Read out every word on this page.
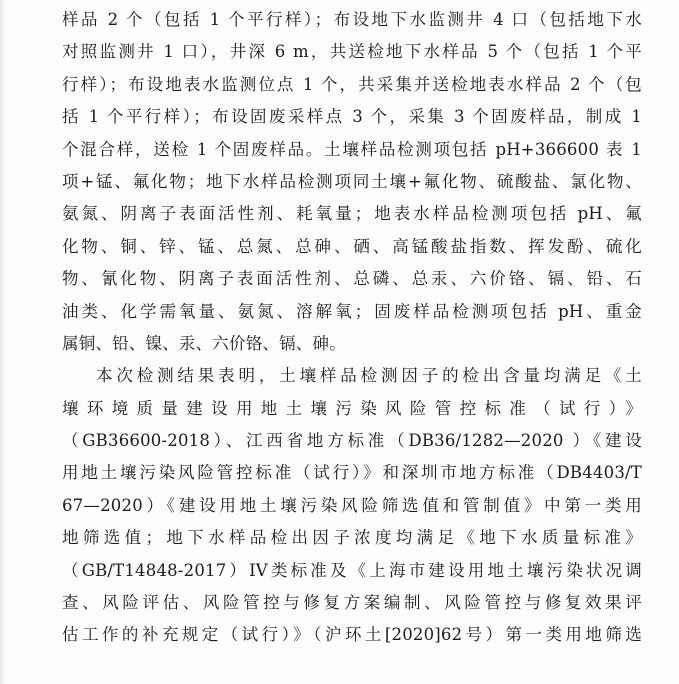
样品 2 个（包括 1 个平行样）；布设地下水监测井 4 口（包括地下水
对照监测井 1 口），井深 6 m，共送检地下水样品 5 个（包括 1 个平
行样）；布设地表水监测位点 1 个，共采集并送检地表水样品 2 个（包
括 1 个平行样）；布设固废采样点 3 个，采集 3 个固废样品，制成 1
个混合样，送检 1 个固废样品。土壤样品检测项包括 pH+366600 表 1
项+锰、氟化物；地下水样品检测项同土壤+氟化物、硫酸盐、氯化物、
氨氮、阴离子表面活性剂、耗氧量；地表水样品检测项包括 pH、氟
化物、铜、锌、锰、总氮、总砷、硒、高锰酸盐指数、挥发酚、硫化
物、氰化物、阴离子表面活性剂、总磷、总汞、六价铬、镉、铅、石
油类、化学需氧量、氨氮、溶解氧；固废样品检测项包括 pH、重金
属铜、铅、镍、汞、六价铬、镉、砷。
本次检测结果表明，土壤样品检测因子的检出含量均满足《土
壤环境质量建设用地土壤污染风险管控标准（试行）》
（GB36600-2018）、江西省地方标准（DB36/1282—2020 ）《建设
用地土壤污染风险管控标准（试行）》和深圳市地方标准（DB4403/T
67—2020）《建设用地土壤污染风险筛选值和管制值》中第一类用
地筛选值；地下水样品检出因子浓度均满足《地下水质量标准》
（GB/T14848-2017）IV类标准及《上海市建设用地土壤污染状况调
查、风险评估、风险管控与修复方案编制、风险管控与修复效果评
估工作的补充规定（试行）》（沪环土[2020]62号）第一类用地筛选
